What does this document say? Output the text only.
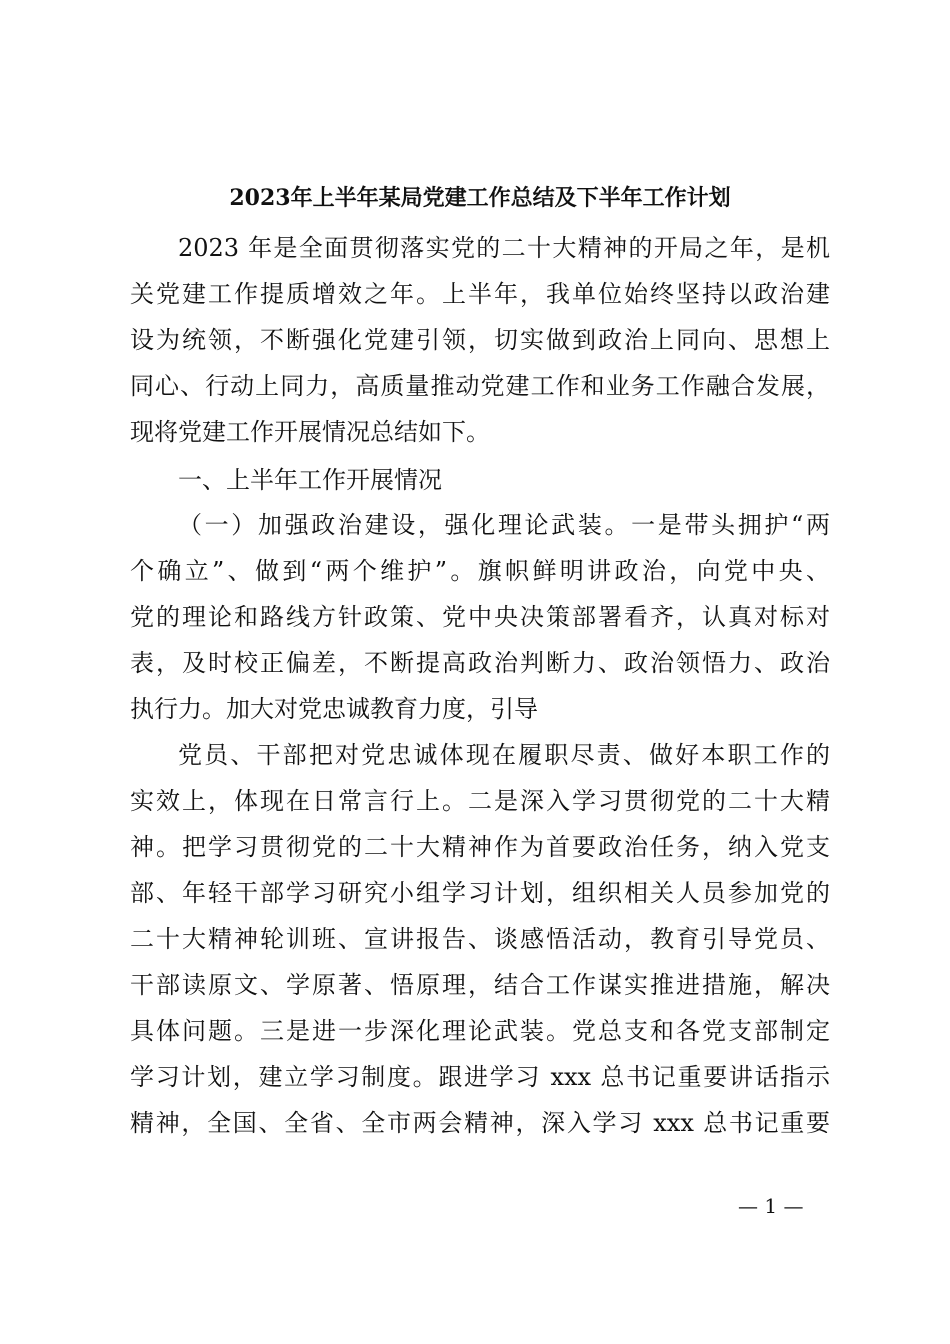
2023年上半年某局党建工作总结及下半年工作计划
2023 年是全面贯彻落实党的二十大精神的开局之年，是机
关党建工作提质增效之年。上半年，我单位始终坚持以政治建
设为统领，不断强化党建引领，切实做到政治上同向、思想上
同心、行动上同力，高质量推动党建工作和业务工作融合发展，
现将党建工作开展情况总结如下。
一、上半年工作开展情况
（一）加强政治建设，强化理论武装。一是带头拥护“两
个确立”、做到“两个维护”。旗帜鲜明讲政治，向党中央、
党的理论和路线方针政策、党中央决策部署看齐，认真对标对
表，及时校正偏差，不断提高政治判断力、政治领悟力、政治
执行力。加大对党忠诚教育力度，引导
党员、干部把对党忠诚体现在履职尽责、做好本职工作的
实效上，体现在日常言行上。二是深入学习贯彻党的二十大精
神。把学习贯彻党的二十大精神作为首要政治任务，纳入党支
部、年轻干部学习研究小组学习计划，组织相关人员参加党的
二十大精神轮训班、宣讲报告、谈感悟活动，教育引导党员、
干部读原文、学原著、悟原理，结合工作谋实推进措施，解决
具体问题。三是进一步深化理论武装。党总支和各党支部制定
学习计划，建立学习制度。跟进学习 xxx 总书记重要讲话指示
精神，全国、全省、全市两会精神，深入学习 xxx 总书记重要
— 1 —
